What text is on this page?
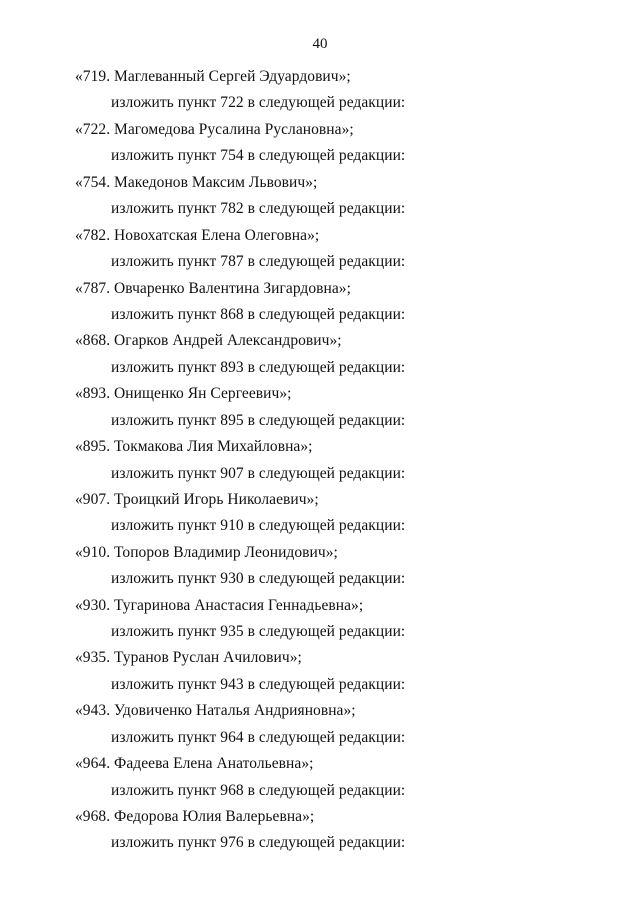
40
«719. Маглеванный Сергей Эдуардович»;
изложить пункт 722 в следующей редакции:
«722. Магомедова Русалина Руслановна»;
изложить пункт 754 в следующей редакции:
«754. Македонов Максим Львович»;
изложить пункт 782 в следующей редакции:
«782. Новохатская Елена Олеговна»;
изложить пункт 787 в следующей редакции:
«787. Овчаренко Валентина Зигардовна»;
изложить пункт 868 в следующей редакции:
«868. Огарков Андрей Александрович»;
изложить пункт 893 в следующей редакции:
«893. Онищенко Ян Сергеевич»;
изложить пункт 895 в следующей редакции:
«895. Токмакова Лия Михайловна»;
изложить пункт 907 в следующей редакции:
«907. Троицкий Игорь Николаевич»;
изложить пункт 910 в следующей редакции:
«910. Топоров Владимир Леонидович»;
изложить пункт 930 в следующей редакции:
«930. Тугаринова Анастасия Геннадьевна»;
изложить пункт 935 в следующей редакции:
«935. Туранов Руслан Ачилович»;
изложить пункт 943 в следующей редакции:
«943. Удовиченко Наталья Андрияновна»;
изложить пункт 964 в следующей редакции:
«964. Фадеева Елена Анатольевна»;
изложить пункт 968 в следующей редакции:
«968. Федорова Юлия Валерьевна»;
изложить пункт 976 в следующей редакции:
